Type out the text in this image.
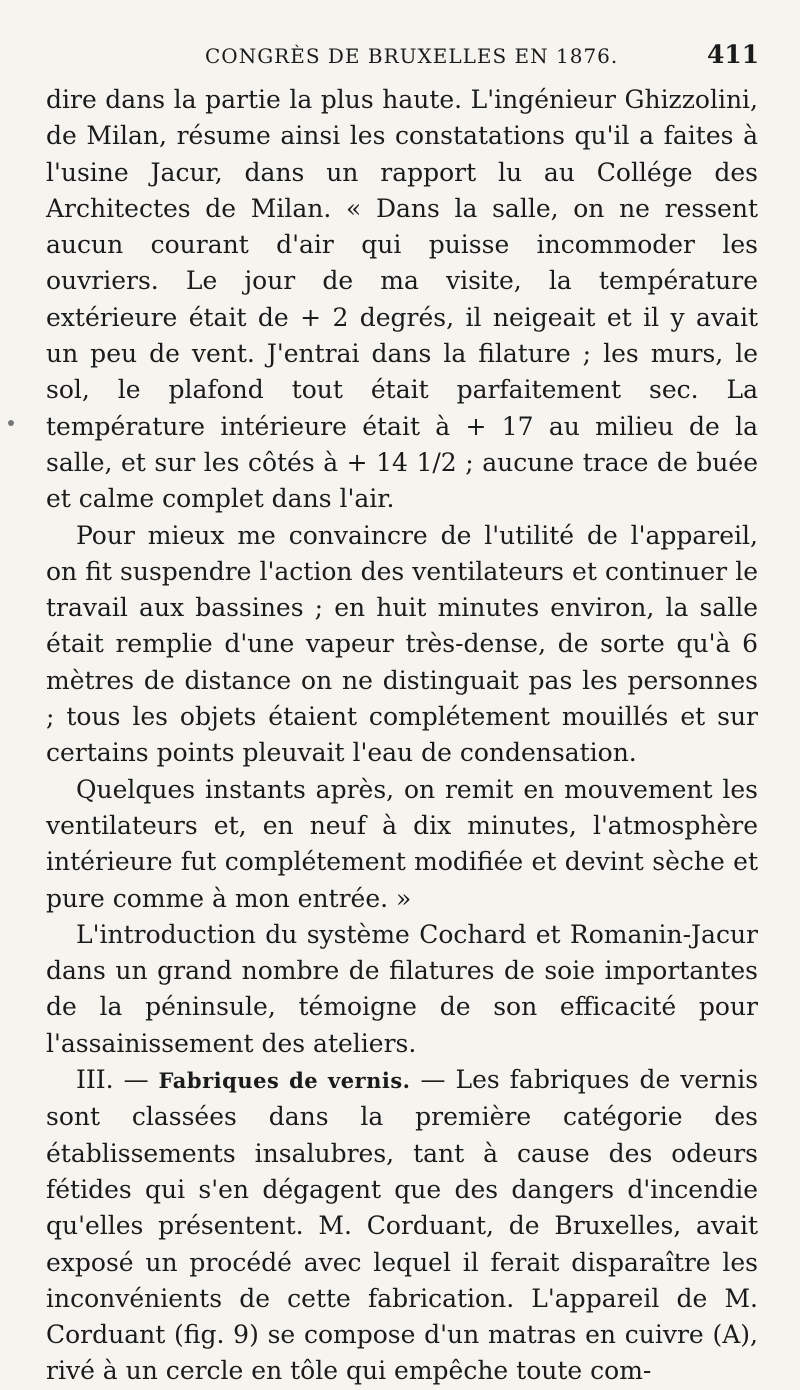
CONGRÈS DE BRUXELLES EN 1876.	411

dire dans la partie la plus haute. L'ingénieur Ghizzolini, de Milan, résume ainsi les constatations qu'il a faites à l'usine Jacur, dans un rapport lu au Collége des Architectes de Milan. « Dans la salle, on ne ressent aucun courant d'air qui puisse incommoder les ouvriers. Le jour de ma visite, la température extérieure était de + 2 degrés, il neigeait et il y avait un peu de vent. J'entrai dans la filature ; les murs, le sol, le plafond tout était parfaitement sec. La température intérieure était à + 17 au milieu de la salle, et sur les côtés à + 14 1/2 ; aucune trace de buée et calme complet dans l'air.

Pour mieux me convaincre de l'utilité de l'appareil, on fit suspendre l'action des ventilateurs et continuer le travail aux bassines ; en huit minutes environ, la salle était remplie d'une vapeur très-dense, de sorte qu'à 6 mètres de distance on ne distinguait pas les personnes ; tous les objets étaient complétement mouillés et sur certains points pleuvait l'eau de condensation.

Quelques instants après, on remit en mouvement les ventilateurs et, en neuf à dix minutes, l'atmosphère intérieure fut complétement modifiée et devint sèche et pure comme à mon entrée. »

L'introduction du système Cochard et Romanin-Jacur dans un grand nombre de filatures de soie importantes de la péninsule, témoigne de son efficacité pour l'assainissement des ateliers.

III. — Fabriques de vernis. — Les fabriques de vernis sont classées dans la première catégorie des établissements insalubres, tant à cause des odeurs fétides qui s'en dégagent que des dangers d'incendie qu'elles présentent. M. Corduant, de Bruxelles, avait exposé un procédé avec lequel il ferait disparaître les inconvénients de cette fabrication. L'appareil de M. Corduant (fig. 9) se compose d'un matras en cuivre (A), rivé à un cercle en tôle qui empêche toute com-
